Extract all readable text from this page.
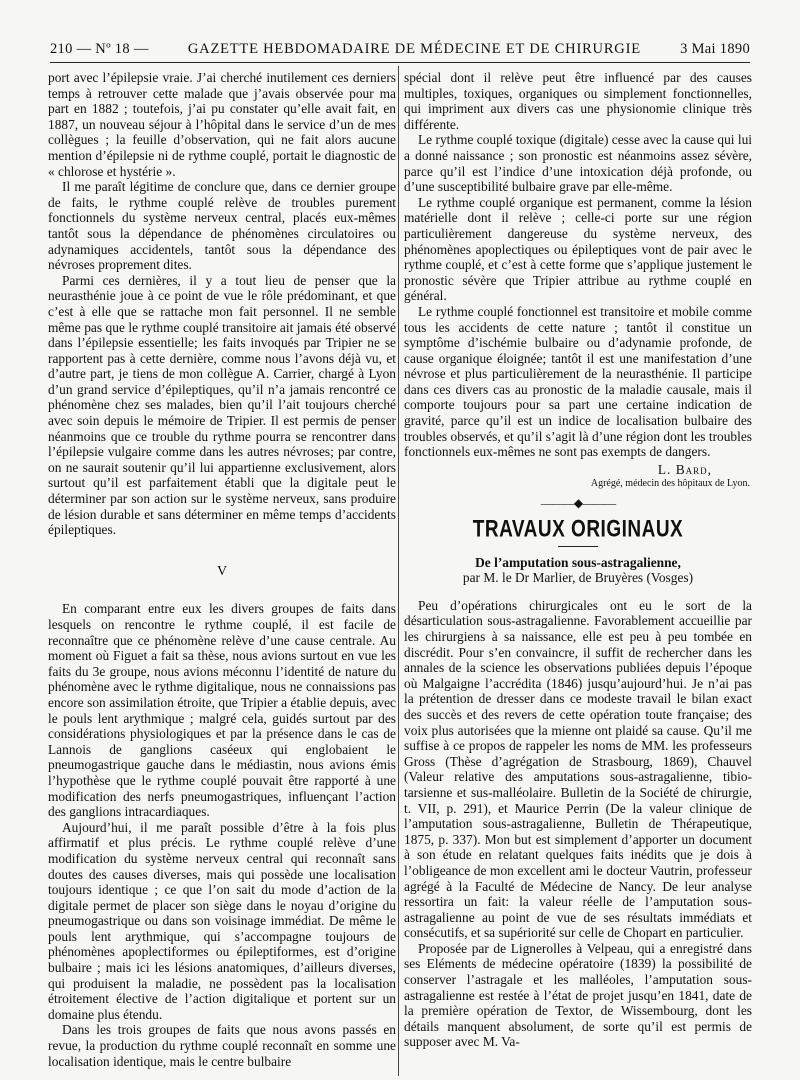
210 — Nº 18 —	GAZETTE HEBDOMADAIRE DE MÉDECINE ET DE CHIRURGIE	3 Mai 1890

port avec l’épilepsie vraie. J’ai cherché inutilement ces derniers temps à retrouver cette malade que j’avais observée pour ma part en 1882 ; toutefois, j’ai pu constater qu’elle avait fait, en 1887, un nouveau séjour à l’hôpital dans le service d’un de mes collègues ; la feuille d’observation, qui ne fait alors aucune mention d’épilepsie ni de rythme couplé, portait le diagnostic de « chlorose et hystérie ».

Il me paraît légitime de conclure que, dans ce dernier groupe de faits, le rythme couplé relève de troubles purement fonctionnels du système nerveux central, placés eux-mêmes tantôt sous la dépendance de phénomènes circulatoires ou adynamiques accidentels, tantôt sous la dépendance des névroses proprement dites.

Parmi ces dernières, il y a tout lieu de penser que la neurasthénie joue à ce point de vue le rôle prédominant, et que c’est à elle que se rattache mon fait personnel. Il ne semble même pas que le rythme couplé transitoire ait jamais été observé dans l’épilepsie essentielle; les faits invoqués par Tripier ne se rapportent pas à cette dernière, comme nous l’avons déjà vu, et d’autre part, je tiens de mon collègue A. Carrier, chargé à Lyon d’un grand service d’épileptiques, qu’il n’a jamais rencontré ce phénomène chez ses malades, bien qu’il l’ait toujours cherché avec soin depuis le mémoire de Tripier. Il est permis de penser néanmoins que ce trouble du rythme pourra se rencontrer dans l’épilepsie vulgaire comme dans les autres névroses; par contre, on ne saurait soutenir qu’il lui appartienne exclusivement, alors surtout qu’il est parfaitement établi que la digitale peut le déterminer par son action sur le système nerveux, sans produire de lésion durable et sans déterminer en même temps d’accidents épileptiques.

V

En comparant entre eux les divers groupes de faits dans lesquels on rencontre le rythme couplé, il est facile de reconnaître que ce phénomène relève d’une cause centrale. Au moment où Figuet a fait sa thèse, nous avions surtout en vue les faits du 3e groupe, nous avions méconnu l’identité de nature du phénomène avec le rythme digitalique, nous ne connaissions pas encore son assimilation étroite, que Tripier a établie depuis, avec le pouls lent arythmique ; malgré cela, guidés surtout par des considérations physiologiques et par la présence dans le cas de Lannois de ganglions caséeux qui englobaient le pneumogastrique gauche dans le médiastin, nous avions émis l’hypothèse que le rythme couplé pouvait être rapporté à une modification des nerfs pneumogastriques, influençant l’action des ganglions intracardiaques.

Aujourd’hui, il me paraît possible d’être à la fois plus affirmatif et plus précis. Le rythme couplé relève d’une modification du système nerveux central qui reconnaît sans doutes des causes diverses, mais qui possède une localisation toujours identique ; ce que l’on sait du mode d’action de la digitale permet de placer son siège dans le noyau d’origine du pneumogastrique ou dans son voisinage immédiat. De même le pouls lent arythmique, qui s’accompagne toujours de phénomènes apoplectiformes ou épileptiformes, est d’origine bulbaire ; mais ici les lésions anatomiques, d’ailleurs diverses, qui produisent la maladie, ne possèdent pas la localisation étroitement élective de l’action digitalique et portent sur un domaine plus étendu.

Dans les trois groupes de faits que nous avons passés en revue, la production du rythme couplé reconnaît en somme une localisation identique, mais le centre bulbaire

spécial dont il relève peut être influencé par des causes multiples, toxiques, organiques ou simplement fonctionnelles, qui impriment aux divers cas une physionomie clinique très différente.

Le rythme couplé toxique (digitale) cesse avec la cause qui lui a donné naissance ; son pronostic est néanmoins assez sévère, parce qu’il est l’indice d’une intoxication déjà profonde, ou d’une susceptibilité bulbaire grave par elle-même.

Le rythme couplé organique est permanent, comme la lésion matérielle dont il relève ; celle-ci porte sur une région particulièrement dangereuse du système nerveux, des phénomènes apoplectiques ou épileptiques vont de pair avec le rythme couplé, et c’est à cette forme que s’applique justement le pronostic sévère que Tripier attribue au rythme couplé en général.

Le rythme couplé fonctionnel est transitoire et mobile comme tous les accidents de cette nature ; tantôt il constitue un symptôme d’ischémie bulbaire ou d’adynamie profonde, de cause organique éloignée; tantôt il est une manifestation d’une névrose et plus particulièrement de la neurasthénie. Il participe dans ces divers cas au pronostic de la maladie causale, mais il comporte toujours pour sa part une certaine indication de gravité, parce qu’il est un indice de localisation bulbaire des troubles observés, et qu’il s’agit là d’une région dont les troubles fonctionnels eux-mêmes ne sont pas exempts de dangers.

L. Bard,
Agrégé, médecin des hôpitaux de Lyon.
———◆———
TRAVAUX ORIGINAUX
De l’amputation sous-astragalienne,
par M. le Dr Marlier, de Bruyères (Vosges)

Peu d’opérations chirurgicales ont eu le sort de la désarticulation sous-astragalienne. Favorablement accueillie par les chirurgiens à sa naissance, elle est peu à peu tombée en discrédit. Pour s’en convaincre, il suffit de rechercher dans les annales de la science les observations publiées depuis l’époque où Malgaigne l’accrédita (1846) jusqu’aujourd’hui. Je n’ai pas la prétention de dresser dans ce modeste travail le bilan exact des succès et des revers de cette opération toute française; des voix plus autorisées que la mienne ont plaidé sa cause. Qu’il me suffise à ce propos de rappeler les noms de MM. les professeurs Gross (Thèse d’agrégation de Strasbourg, 1869), Chauvel (Valeur relative des amputations sous-astragalienne, tibio-tarsienne et sus-malléolaire. Bulletin de la Société de chirurgie, t. VII, p. 291), et Maurice Perrin (De la valeur clinique de l’amputation sous-astragalienne, Bulletin de Thérapeutique, 1875, p. 337). Mon but est simplement d’apporter un document à son étude en relatant quelques faits inédits que je dois à l’obligeance de mon excellent ami le docteur Vautrin, professeur agrégé à la Faculté de Médecine de Nancy. De leur analyse ressortira un fait: la valeur réelle de l’amputation sous-astragalienne au point de vue de ses résultats immédiats et consécutifs, et sa supériorité sur celle de Chopart en particulier.

Proposée par de Lignerolles à Velpeau, qui a enregistré dans ses Eléments de médecine opératoire (1839) la possibilité de conserver l’astragale et les malléoles, l’amputation sous-astragalienne est restée à l’état de projet jusqu’en 1841, date de la première opération de Textor, de Wissembourg, dont les détails manquent absolument, de sorte qu’il est permis de supposer avec M. Va-
